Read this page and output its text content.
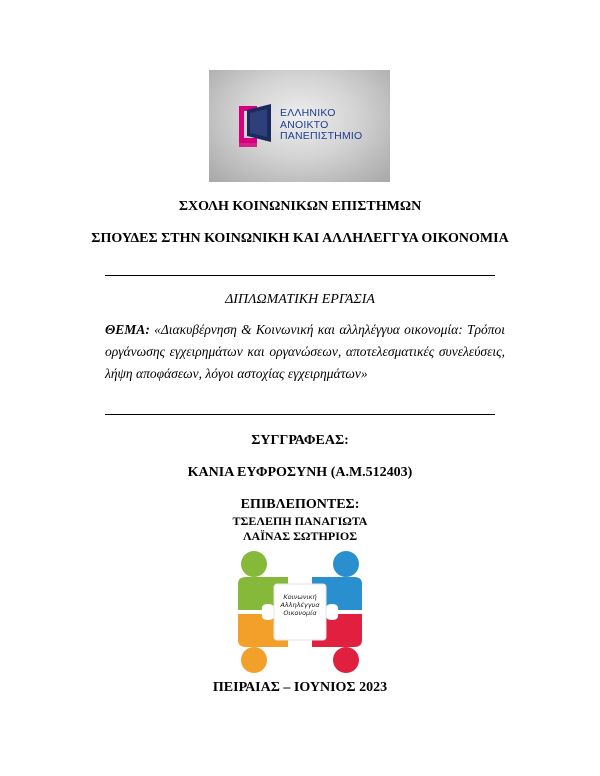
ΕΛΛΗΝΙΚΟ
ΑΝΟΙΚΤΟ
ΠΑΝΕΠΙΣΤΗΜΙΟ
ΣΧΟΛΗ ΚΟΙΝΩΝΙΚΩΝ ΕΠΙΣΤΗΜΩΝ
ΣΠΟΥΔΕΣ ΣΤΗΝ ΚΟΙΝΩΝΙΚΗ ΚΑΙ ΑΛΛΗΛΕΓΓΥΑ ΟΙΚΟΝΟΜΙΑ
ΔΙΠΛΩΜΑΤΙΚΗ ΕΡΓΑΣΙΑ
ΘΕΜΑ: «Διακυβέρνηση & Κοινωνική και αλληλέγγυα οικονομία: Τρόποι
οργάνωσης εγχειρημάτων και οργανώσεων, αποτελεσματικές συνελεύσεις,
λήψη αποφάσεων, λόγοι αστοχίας εγχειρημάτων»
ΣΥΓΓΡΑΦΕΑΣ:
ΚΑΝΙΑ ΕΥΦΡΟΣΥΝΗ (Α.Μ.512403)
ΕΠΙΒΛΕΠΟΝΤΕΣ:
ΤΣΕΛΕΠΗ ΠΑΝΑΓΙΩΤΑ
ΛΑΪΝΑΣ ΣΩΤΗΡΙΟΣ
Κοινωνική
Αλληλέγγυα
Οικονομία
ΠΕΙΡΑΙΑΣ – ΙΟΥΝΙΟΣ 2023
